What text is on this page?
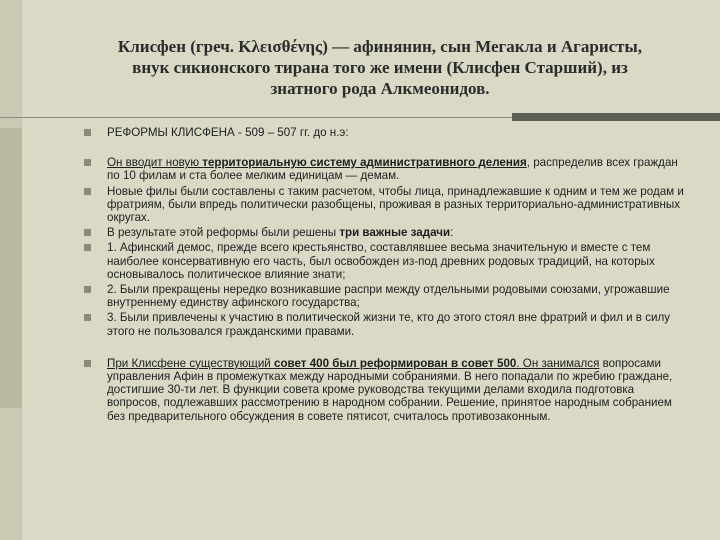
Клисфен (греч. Κλεισθένης) — афинянин, сын Мегакла и Агаристы,
внук сикионского тирана того же имени (Клисфен Старший), из
знатного рода Алкмеонидов.
РЕФОРМЫ КЛИСФЕНА - 509 – 507 гг. до н.э:
Он вводит новую территориальную систему административного деления, распределив всех граждан по 10 филам и ста более мелким единицам — демам.
Новые филы были составлены с таким расчетом, чтобы лица, принадлежавшие к одним и тем же родам и фратриям, были впредь политически разобщены, проживая в разных территориально-административных округах.
В результате этой реформы были решены три важные задачи:
1. Афинский демос, прежде всего крестьянство, составлявшее весьма значительную и вместе с тем наиболее консервативную его часть, был освобожден из-под древних родовых традиций, на которых основывалось политическое влияние знати;
2. Были прекращены нередко возникавшие распри между отдельными родовыми союзами, угрожавшие внутреннему единству афинского государства;
3. Были привлечены к участию в политической жизни те, кто до этого стоял вне фратрий и фил и в силу этого не пользовался гражданскими правами.
При Клисфене существующий совет 400 был реформирован в совет 500. Он занимался вопросами управления Афин в промежутках между народными собраниями. В него попадали по жребию граждане, достигшие 30-ти лет. В функции совета кроме руководства текущими делами входила подготовка вопросов, подлежавших рассмотрению в народном собрании. Решение, принятое народным собранием без предварительного обсуждения в совете пятисот, считалось противозаконным.
